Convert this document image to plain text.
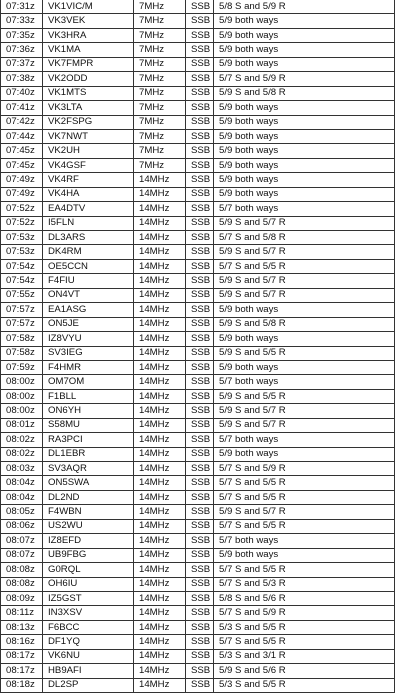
07:31z	VK1VIC/M	7MHz	SSB	5/8 S and 5/9 R
07:33z	VK3VEK	7MHz	SSB	5/9 both ways
07:35z	VK3HRA	7MHz	SSB	5/9 both ways
07:36z	VK1MA	7MHz	SSB	5/9 both ways
07:37z	VK7FMPR	7MHz	SSB	5/9 both ways
07:38z	VK2ODD	7MHz	SSB	5/7 S and 5/9 R
07:40z	VK1MTS	7MHz	SSB	5/9 S and 5/8 R
07:41z	VK3LTA	7MHz	SSB	5/9 both ways
07:42z	VK2FSPG	7MHz	SSB	5/9 both ways
07:44z	VK7NWT	7MHz	SSB	5/9 both ways
07:45z	VK2UH	7MHz	SSB	5/9 both ways
07:45z	VK4GSF	7MHz	SSB	5/9 both ways
07:49z	VK4RF	14MHz	SSB	5/9 both ways
07:49z	VK4HA	14MHz	SSB	5/9 both ways
07:52z	EA4DTV	14MHz	SSB	5/7 both ways
07:52z	I5FLN	14MHz	SSB	5/9 S and 5/7 R
07:53z	DL3ARS	14MHz	SSB	5/7 S and 5/8 R
07:53z	DK4RM	14MHz	SSB	5/9 S and 5/7 R
07:54z	OE5CCN	14MHz	SSB	5/7 S and 5/5 R
07:54z	F4FIU	14MHz	SSB	5/9 S and 5/7 R
07:55z	ON4VT	14MHz	SSB	5/9 S and 5/7 R
07:57z	EA1ASG	14MHz	SSB	5/9 both ways
07:57z	ON5JE	14MHz	SSB	5/9 S and 5/8 R
07:58z	IZ8VYU	14MHz	SSB	5/9 both ways
07:58z	SV3IEG	14MHz	SSB	5/9 S and 5/5 R
07:59z	F4HMR	14MHz	SSB	5/9 both ways
08:00z	OM7OM	14MHz	SSB	5/7 both ways
08:00z	F1BLL	14MHz	SSB	5/9 S and 5/5 R
08:00z	ON6YH	14MHz	SSB	5/9 S and 5/7 R
08:01z	S58MU	14MHz	SSB	5/9 S and 5/7 R
08:02z	RA3PCI	14MHz	SSB	5/7 both ways
08:02z	DL1EBR	14MHz	SSB	5/9 both ways
08:03z	SV3AQR	14MHz	SSB	5/7 S and 5/9 R
08:04z	ON5SWA	14MHz	SSB	5/7 S and 5/5 R
08:04z	DL2ND	14MHz	SSB	5/7 S and 5/5 R
08:05z	F4WBN	14MHz	SSB	5/9 S and 5/7 R
08:06z	US2WU	14MHz	SSB	5/7 S and 5/5 R
08:07z	IZ8EFD	14MHz	SSB	5/7 both ways
08:07z	UB9FBG	14MHz	SSB	5/9 both ways
08:08z	G0RQL	14MHz	SSB	5/7 S and 5/5 R
08:08z	OH6IU	14MHz	SSB	5/7 S and 5/3 R
08:09z	IZ5GST	14MHz	SSB	5/8 S and 5/6 R
08:11z	IN3XSV	14MHz	SSB	5/7 S and 5/9 R
08:13z	F6BCC	14MHz	SSB	5/3 S and 5/5 R
08:16z	DF1YQ	14MHz	SSB	5/7 S and 5/5 R
08:17z	VK6NU	14MHz	SSB	5/3 S and 3/1 R
08:17z	HB9AFI	14MHz	SSB	5/9 S and 5/6 R
08:18z	DL2SP	14MHz	SSB	5/3 S and 5/5 R
